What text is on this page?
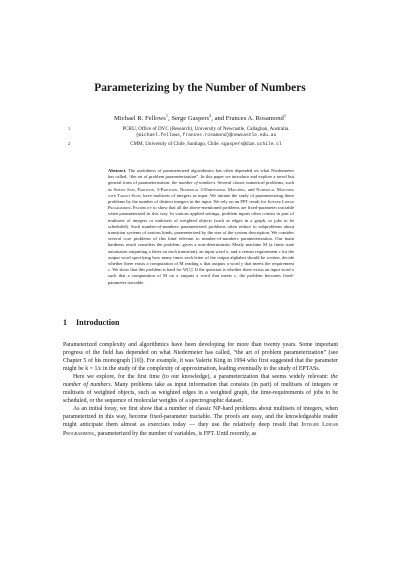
Parameterizing by the Number of Numbers
Michael R. Fellows$^1$, Serge Gaspers$^2$, and Frances A. Rosamond$^1$
1	PCRU, Office of DVC (Research), University of Newcastle, Callaghan, Australia.
{michael.fellows,frances.rosamond}@newcastle.edu.au
2	CMM, University of Chile, Santiago, Chile. sgaspers@dim.uchile.cl
Abstract. The usefulness of parameterized algorithmics has often depended on what Niedermeier has called, “the art of problem parameterization”. In this paper we introduce and explore a novel but general form of parameterization: the number of numbers. Several classic numerical problems, such as Subset Sum, Partition, 3-Partition, Numerical 3-Dimensional Matching, and Numerical Matching with Target Sums, have multisets of integers as input. We initiate the study of parameterizing these problems by the number of distinct integers in the input. We rely on an FPT result for Integer Linear Programming Feasibility to show that all the above-mentioned problems are fixed-parameter tractable when parameterized in this way. In various applied settings, problem inputs often consist in part of multisets of integers or multisets of weighted objects (such as edges in a graph, or jobs to be scheduled). Such number-of-numbers parameterized problems often reduce to subproblems about transition systems of various kinds, parameterized by the size of the system description. We consider several core problems of this kind relevant to number-of-numbers parameterization. Our main hardness result considers the problem: given a non-deterministic Mealy machine M (a finite state automaton outputting a letter on each transition), an input word x, and a census requirement c for the output word specifying how many times each letter of the output alphabet should be written, decide whether there exists a computation of M reading x that outputs a word y that meets the requirement c. We show that this problem is hard for W[1]. If the question is whether there exists an input word x such that a computation of M on x outputs a word that meets c, the problem becomes fixed-parameter tractable.
1 Introduction

Parameterized complexity and algorithmics have been developing for more than twenty years. Some important progress of the field has depended on what Niedermeier has called, “the art of problem parameterization” (see Chapter 5 of his monograph [10]). For example, it was Valerie King in 1994 who first suggested that the parameter might be k = 1/ε in the study of the complexity of approximation, leading eventually to the study of EPTASs.

Here we explore, for the first time (to our knowledge), a parameterization that seems widely relevant: the number of numbers. Many problems take as input information that consists (in part) of multisets of integers or multisets of weighted objects, such as weighted edges in a weighted graph, the time-requirements of jobs to be scheduled, or the sequence of molecular weights of a spectrographic dataset.

As an initial foray, we first show that a number of classic NP-hard problems about multisets of integers, when parameterized in this way, become fixed-parameter tractable. The proofs are easy, and the knowledgeable reader might anticipate them almost as exercises today — they use the relatively deep result that Integer Linear Programming, parameterized by the number of variables, is FPT. Until recently, as
